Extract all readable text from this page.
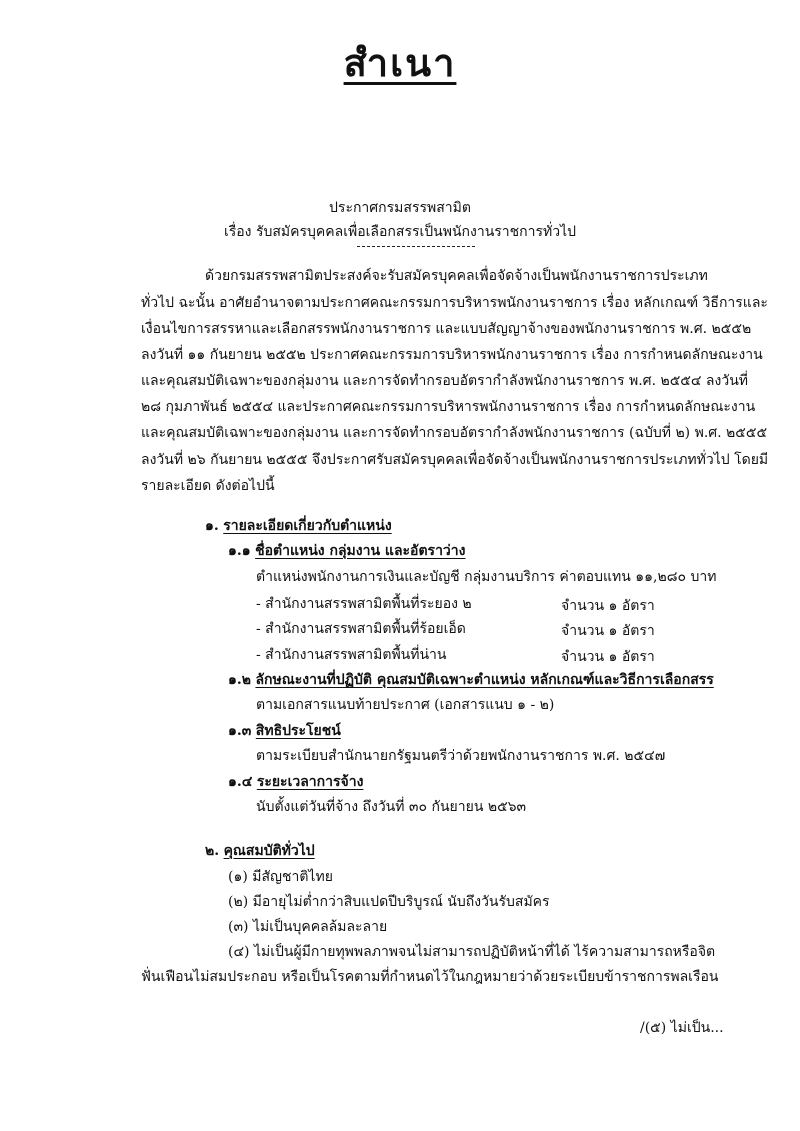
สำเนา
ประกาศกรมสรรพสามิต
เรื่อง รับสมัครบุคคลเพื่อเลือกสรรเป็นพนักงานราชการทั่วไป
ด้วยกรมสรรพสามิตประสงค์จะรับสมัครบุคคลเพื่อจัดจ้างเป็นพนักงานราชการประเภท
ทั่วไป ฉะนั้น อาศัยอำนาจตามประกาศคณะกรรมการบริหารพนักงานราชการ เรื่อง หลักเกณฑ์ วิธีการและ
เงื่อนไขการสรรหาและเลือกสรรพนักงานราชการ และแบบสัญญาจ้างของพนักงานราชการ พ.ศ. ๒๕๕๒
ลงวันที่ ๑๑ กันยายน ๒๕๕๒ ประกาศคณะกรรมการบริหารพนักงานราชการ เรื่อง การกำหนดลักษณะงาน
และคุณสมบัติเฉพาะของกลุ่มงาน และการจัดทำกรอบอัตรากำลังพนักงานราชการ พ.ศ. ๒๕๕๔ ลงวันที่
๒๘ กุมภาพันธ์ ๒๕๕๔ และประกาศคณะกรรมการบริหารพนักงานราชการ เรื่อง การกำหนดลักษณะงาน
และคุณสมบัติเฉพาะของกลุ่มงาน และการจัดทำกรอบอัตรากำลังพนักงานราชการ (ฉบับที่ ๒) พ.ศ. ๒๕๕๕
ลงวันที่ ๒๖ กันยายน ๒๕๕๕ จึงประกาศรับสมัครบุคคลเพื่อจัดจ้างเป็นพนักงานราชการประเภททั่วไป โดยมี
รายละเอียด ดังต่อไปนี้
๑. รายละเอียดเกี่ยวกับตำแหน่ง
๑.๑ ชื่อตำแหน่ง กลุ่มงาน และอัตราว่าง
ตำแหน่งพนักงานการเงินและบัญชี กลุ่มงานบริการ ค่าตอบแทน ๑๑,๒๘๐ บาท
- สำนักงานสรรพสามิตพื้นที่ระยอง ๒	จำนวน ๑ อัตรา
- สำนักงานสรรพสามิตพื้นที่ร้อยเอ็ด	จำนวน ๑ อัตรา
- สำนักงานสรรพสามิตพื้นที่น่าน	จำนวน ๑ อัตรา
๑.๒ ลักษณะงานที่ปฏิบัติ คุณสมบัติเฉพาะตำแหน่ง หลักเกณฑ์และวิธีการเลือกสรร
ตามเอกสารแนบท้ายประกาศ (เอกสารแนบ ๑ - ๒)
๑.๓ สิทธิประโยชน์
ตามระเบียบสำนักนายกรัฐมนตรีว่าด้วยพนักงานราชการ พ.ศ. ๒๕๔๗
๑.๔ ระยะเวลาการจ้าง
นับตั้งแต่วันที่จ้าง ถึงวันที่ ๓๐ กันยายน ๒๕๖๓
๒. คุณสมบัติทั่วไป
(๑) มีสัญชาติไทย
(๒) มีอายุไม่ต่ำกว่าสิบแปดปีบริบูรณ์ นับถึงวันรับสมัคร
(๓) ไม่เป็นบุคคลล้มละลาย
(๔) ไม่เป็นผู้มีกายทุพพลภาพจนไม่สามารถปฏิบัติหน้าที่ได้ ไร้ความสามารถหรือจิต
ฟั่นเฟือนไม่สมประกอบ หรือเป็นโรคตามที่กำหนดไว้ในกฎหมายว่าด้วยระเบียบข้าราชการพลเรือน
/(๕) ไม่เป็น...
